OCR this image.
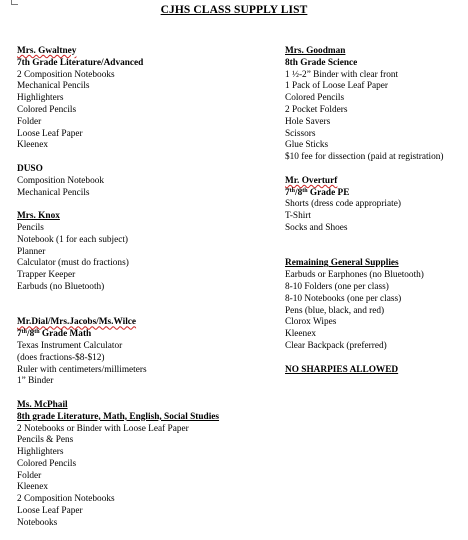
CJHS CLASS SUPPLY LIST
Mrs. Gwaltney
7th Grade Literature/Advanced
2 Composition Notebooks
Mechanical Pencils
Highlighters
Colored Pencils
Folder
Loose Leaf Paper
Kleenex
DUSO
Composition Notebook
Mechanical Pencils
Mrs. Knox
Pencils
Notebook (1 for each subject)
Planner
Calculator (must do fractions)
Trapper Keeper
Earbuds (no Bluetooth)
Mr.Dial/Mrs.Jacobs/Ms.Wilce
7th/8th Grade Math
Texas Instrument Calculator
(does fractions-$8-$12)
Ruler with centimeters/millimeters
1” Binder
Ms. McPhail
8th grade Literature, Math, English, Social Studies
2 Notebooks or Binder with Loose Leaf Paper
Pencils & Pens
Highlighters
Colored Pencils
Folder
Kleenex
2 Composition Notebooks
Loose Leaf Paper
Notebooks
Mrs. Goodman
8th Grade Science
1 ½-2” Binder with clear front
1 Pack of Loose Leaf Paper
Colored Pencils
2 Pocket Folders
Hole Savers
Scissors
Glue Sticks
$10 fee for dissection (paid at registration)
Mr. Overturf
7th/8th Grade PE
Shorts (dress code appropriate)
T-Shirt
Socks and Shoes
Remaining General Supplies
Earbuds or Earphones (no Bluetooth)
8-10 Folders (one per class)
8-10 Notebooks (one per class)
Pens (blue, black, and red)
Clorox Wipes
Kleenex
Clear Backpack (preferred)
NO SHARPIES ALLOWED
